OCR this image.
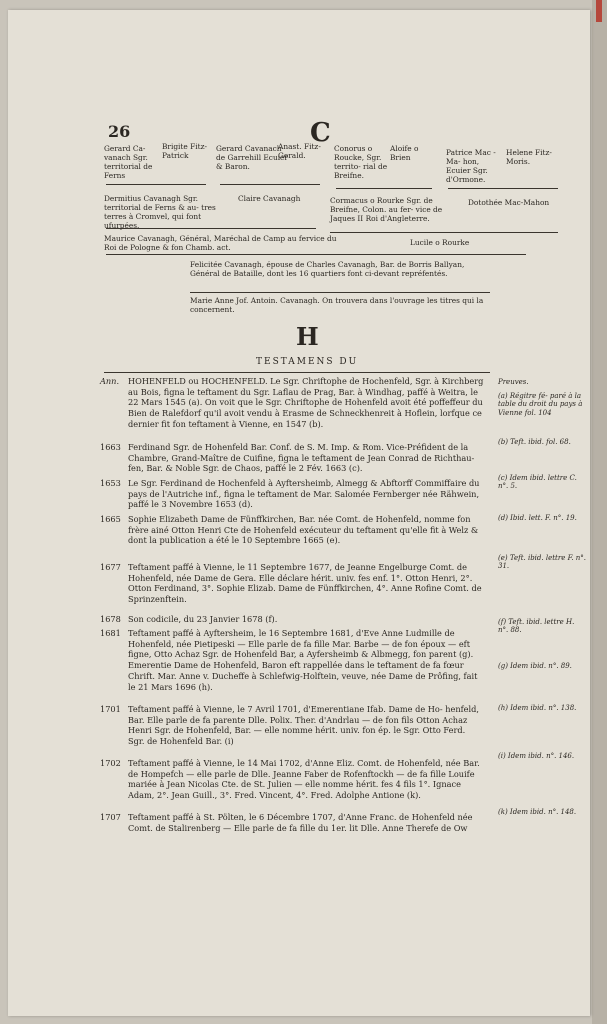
26	C
Gerard Ca- vanach Sgr. territorial de Ferns
Brigite Fitz- Patrick
Gerard Cavanach de Garrehill Ecuier & Baron.
Anast. Fitz- Gerald.
Conorus o Roucke, Sgr. territo- rial de Breifne.
Aloife o Brien
Patrice Mac - Ma- hon, Ecuier Sgr. d'Ormone.
Helene Fitz-Moris.
Dermitius Cavanagh Sgr. territorial de Ferns & au- tres terres à Cromvel, qui font ufurpées.
Claire Cavanagh	Cormacus o Rourke Sgr. de Breifne, Colon. au fer- vice de Jaques II Roi d'Angleterre.
Dotothée Mac-Mahon
Maurice Cavanagh, Général, Maréchal de Camp au fervice du Roi de Pologne & fon Chamb. act.
Lucile o Rourke
Felicitée Cavanagh, épouse de Charles Cavanagh, Bar. de Borris Ballyan, Général de Bataille, dont les 16 quartiers font ci-devant repréfentés.
Marie Anne Jof. Antoin. Cavanagh. On trouvera dans l'ouvrage les titres qui la concernent.
H
TESTAMENS DU
Ann. HOHENFELD ou HOCHENFELD. Le Sgr. Chriftophe de Hochenfeld, Sgr. à Kirchberg au Bois, figna le teftament du Sgr. Laflau de Prag, Bar. à Windhag, paffé à Weitra, le 22 Mars 1545 (a). On voit que le Sgr. Chriftophe de Hohenfeld avoit été poffeffeur du Bien de Ralefdorf qu'il avoit vendu à Erasme de Schneckhenreit à Hoflein, lorfque ce dernier fit fon teftament à Vienne, en 1547 (b).

1663 Ferdinand Sgr. de Hohenfeld Bar. Conf. de S. M. Imp. & Rom. Vice-Préfident de la Chambre, Grand-Maître de Cuifine, figna le teftament de Jean Conrad de Richthau- fen, Bar. & Noble Sgr. de Chaos, paffé le 2 Fév. 1663 (c).

1653 Le Sgr. Ferdinand de Hochenfeld à Ayftersheimb, Almegg & Abftorff Commiffaire du pays de l'Autriche inf., figna le teftament de Mar. Salomée Fernberger née Rähwein, paffé le 3 Novembre 1653 (d).

1665 Sophie Elizabeth Dame de Fünffkirchen, Bar. née Comt. de Hohenfeld, nomme fon frère ainé Otton Henri Cte de Hohenfeld exécuteur du teftament qu'elle fit à Welz & dont la publication a été le 10 Septembre 1665 (e).

1677 Teftament paffé à Vienne, le 11 Septembre 1677, de Jeanne Engelburge Comt. de Hohenfeld, née Dame de Gera. Elle déclare hérit. univ. fes enf. 1°. Otton Henri, 2°. Otton Ferdinand, 3°. Sophie Elizab. Dame de Fünffkirchen, 4°. Anne Rofine Comt. de Sprinzenftein.

1678 Son codicile, du 23 Janvier 1678 (f).

1681 Teftament paffé à Ayftersheim, le 16 Septembre 1681, d'Eve Anne Ludmille de Hohenfeld, née Pietipeski — Elle parle de fa fille Mar. Barbe — de fon époux — eft figne, Otto Achaz Sgr. de Hohenfeld Bar, a Ayfersheimb & Albmegg, fon parent (g). Emerentie Dame de Hohenfeld, Baron eft rappellée dans le teftament de fa fœur Chrift. Mar. Anne v. Ducheffe à Schlefwig-Holftein, veuve, née Dame de Prôfing, fait le 21 Mars 1696 (h).

1701 Teftament paffé à Vienne, le 7 Avril 1701, d'Emerentiane Ifab. Dame de Ho- henfeld, Bar. Elle parle de fa parente Dlle. Polix. Ther. d'Andrlau — de fon fils Otton Achaz Henri Sgr. de Hohenfeld, Bar. — elle nomme hérit. univ. fon ép. le Sgr. Otto Ferd. Sgr. de Hohenfeld Bar. (i)

1702 Teftament paffé à Vienne, le 14 Mai 1702, d'Anne Eliz. Comt. de Hohenfeld, née Bar. de Hompefch — elle parle de Dlle. Jeanne Faber de Rofenftockh — de fa fille Louife mariée à Jean Nicolas Cte. de St. Julien — elle nomme hérit. fes 4 fils 1°. Ignace Adam, 2°. Jean Guill., 3°. Fred. Vincent, 4°. Fred. Adolphe Antione (k).

1707 Teftament paffé à St. Pölten, le 6 Décembre 1707, d'Anne Franc. de Hohenfeld née Comt. de Stalirenberg — Elle parle de fa fille du 1er. lit Dlle. Anne Therefe de Ow

Preuves.
(a) Régitre fé- paré à la table du droit du pays à Vienne fol. 104
(b) Teft. ibid. fol. 68.
(c) Idem ibid. lettre C. n°. 5.
(d) Ibid. lett. F. n°. 19.
(e) Teft. ibid. lettre F. n°. 31.
(f) Teft. ibid. lettre H. n°. 88.
(g) Idem ibid. n°. 89.
(h) Idem ibid. n°. 138.
(i) Idem ibid. n°. 146.
(k) Idem ibid. n°. 148.
